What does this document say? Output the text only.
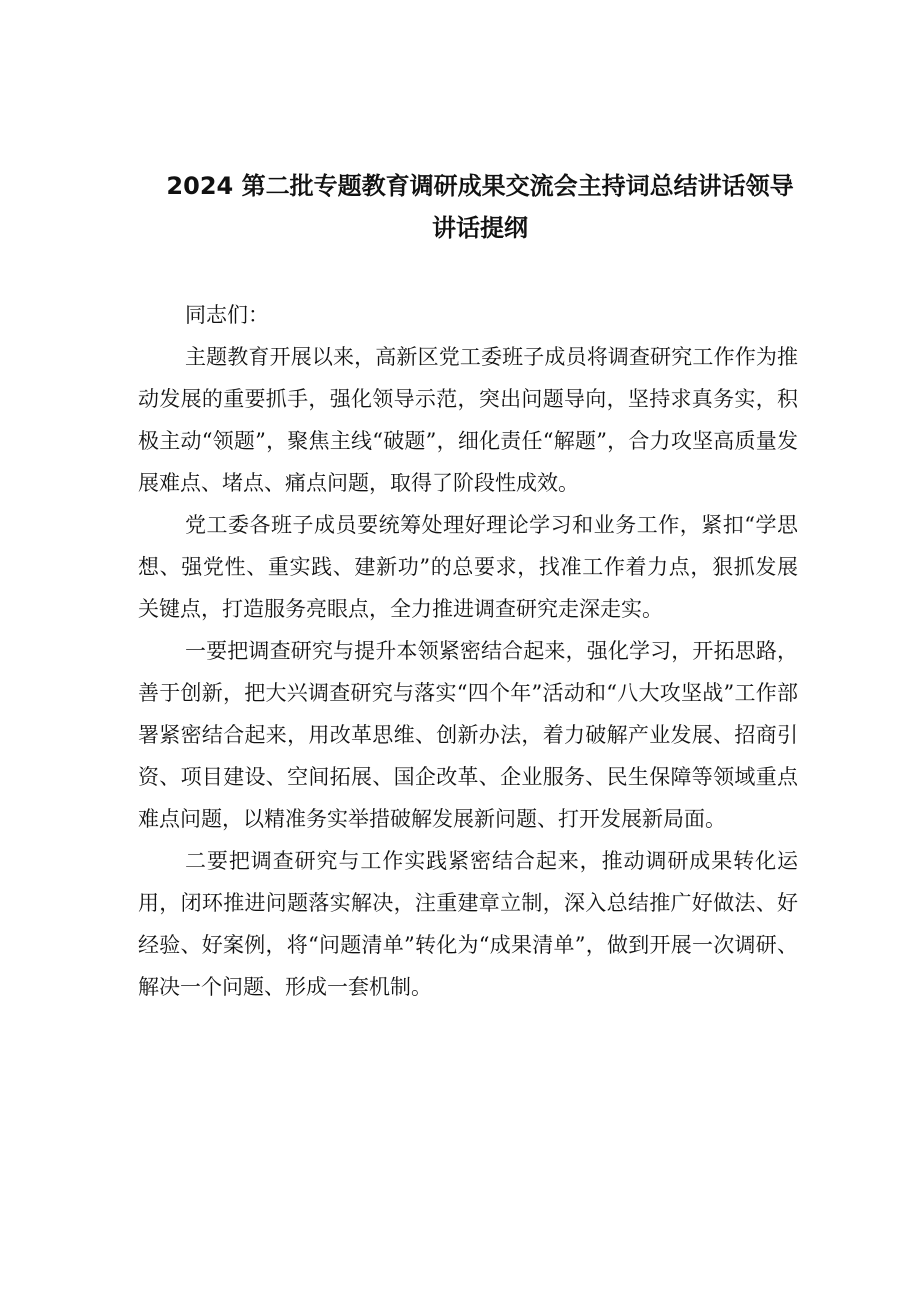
2024 第二批专题教育调研成果交流会主持词总结讲话领导
讲话提纲
同志们：

主题教育开展以来，高新区党工委班子成员将调查研究工作作为推动发展的重要抓手，强化领导示范，突出问题导向，坚持求真务实，积极主动“领题”，聚焦主线“破题”，细化责任“解题”，合力攻坚高质量发展难点、堵点、痛点问题，取得了阶段性成效。

党工委各班子成员要统筹处理好理论学习和业务工作，紧扣“学思想、强党性、重实践、建新功”的总要求，找准工作着力点，狠抓发展关键点，打造服务亮眼点，全力推进调查研究走深走实。

一要把调查研究与提升本领紧密结合起来，强化学习，开拓思路，善于创新，把大兴调查研究与落实“四个年”活动和“八大攻坚战”工作部署紧密结合起来，用改革思维、创新办法，着力破解产业发展、招商引资、项目建设、空间拓展、国企改革、企业服务、民生保障等领域重点难点问题，以精准务实举措破解发展新问题、打开发展新局面。

二要把调查研究与工作实践紧密结合起来，推动调研成果转化运用，闭环推进问题落实解决，注重建章立制，深入总结推广好做法、好经验、好案例，将“问题清单”转化为“成果清单”，做到开展一次调研、解决一个问题、形成一套机制。
